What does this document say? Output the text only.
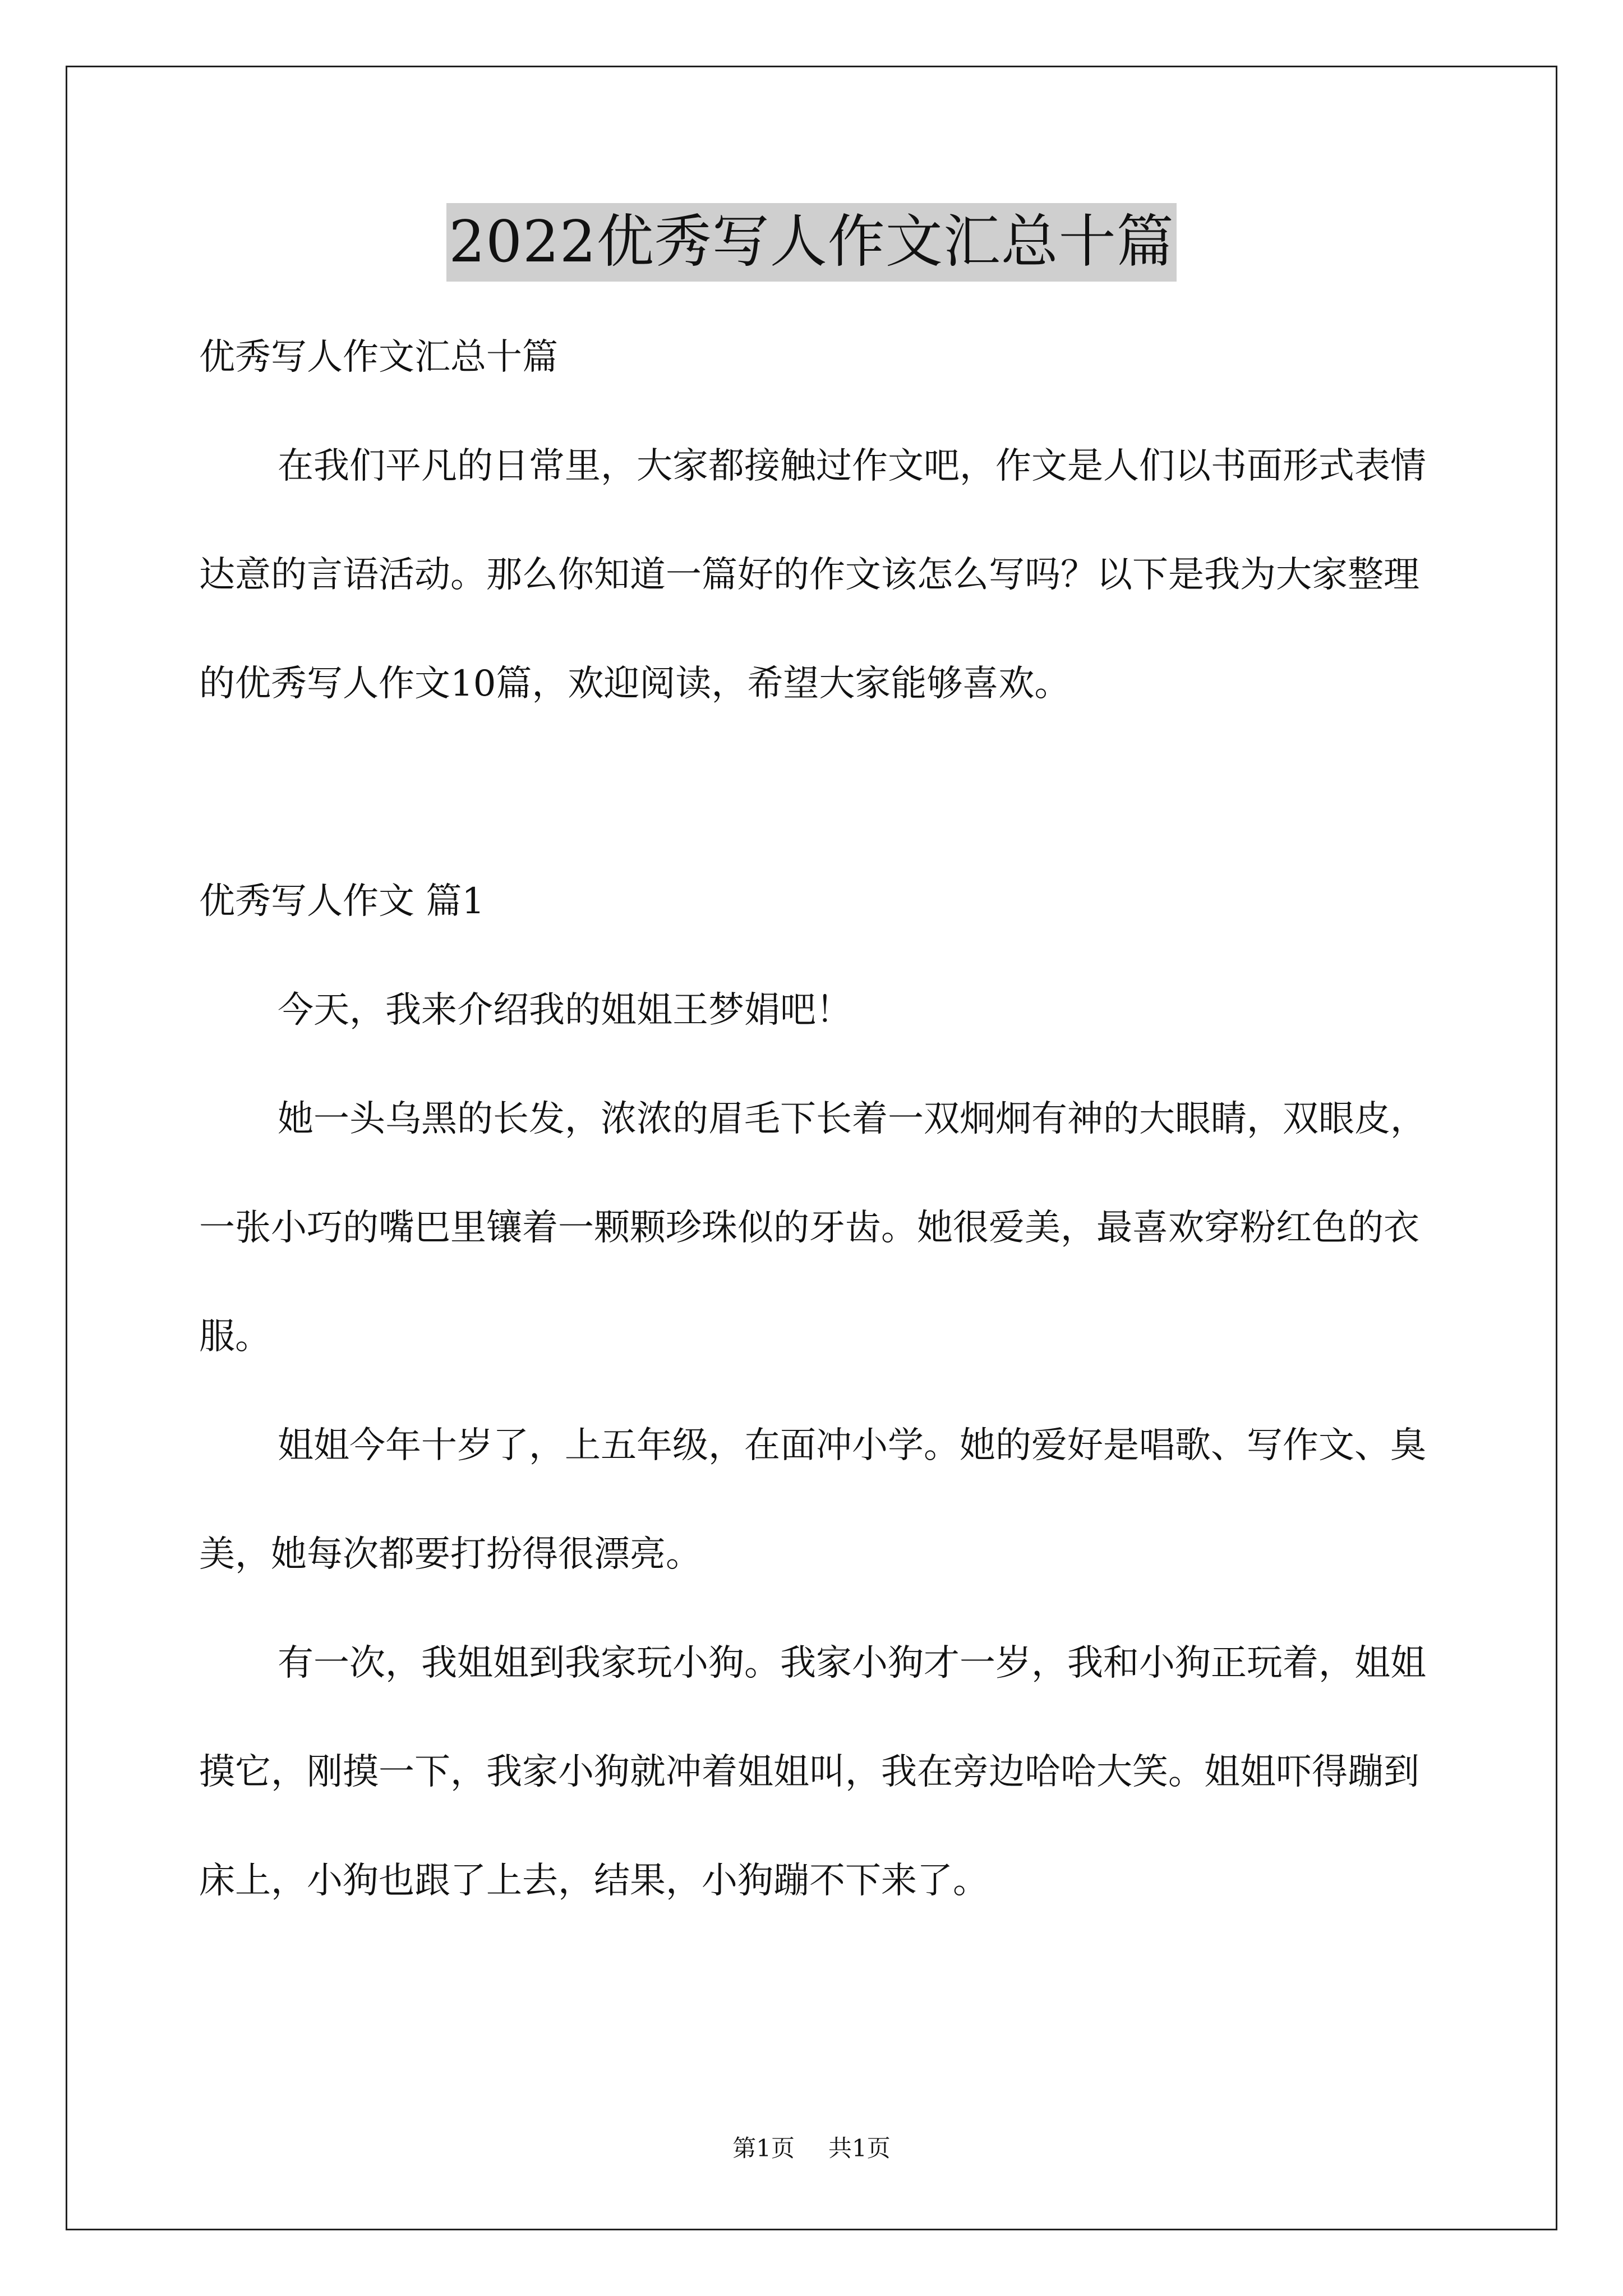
2022优秀写人作文汇总十篇

优秀写人作文汇总十篇

在我们平凡的日常里，大家都接触过作文吧，作文是人们以书面形式表情达意的言语活动。那么你知道一篇好的作文该怎么写吗？以下是我为大家整理的优秀写人作文10篇，欢迎阅读，希望大家能够喜欢。

优秀写人作文 篇1

今天，我来介绍我的姐姐王梦娟吧！

她一头乌黑的长发，浓浓的眉毛下长着一双炯炯有神的大眼睛，双眼皮，一张小巧的嘴巴里镶着一颗颗珍珠似的牙齿。她很爱美，最喜欢穿粉红色的衣服。

姐姐今年十岁了，上五年级，在面冲小学。她的爱好是唱歌、写作文、臭美，她每次都要打扮得很漂亮。

有一次，我姐姐到我家玩小狗。我家小狗才一岁，我和小狗正玩着，姐姐摸它，刚摸一下，我家小狗就冲着姐姐叫，我在旁边哈哈大笑。姐姐吓得蹦到床上，小狗也跟了上去，结果，小狗蹦不下来了。

第1页 共1页
